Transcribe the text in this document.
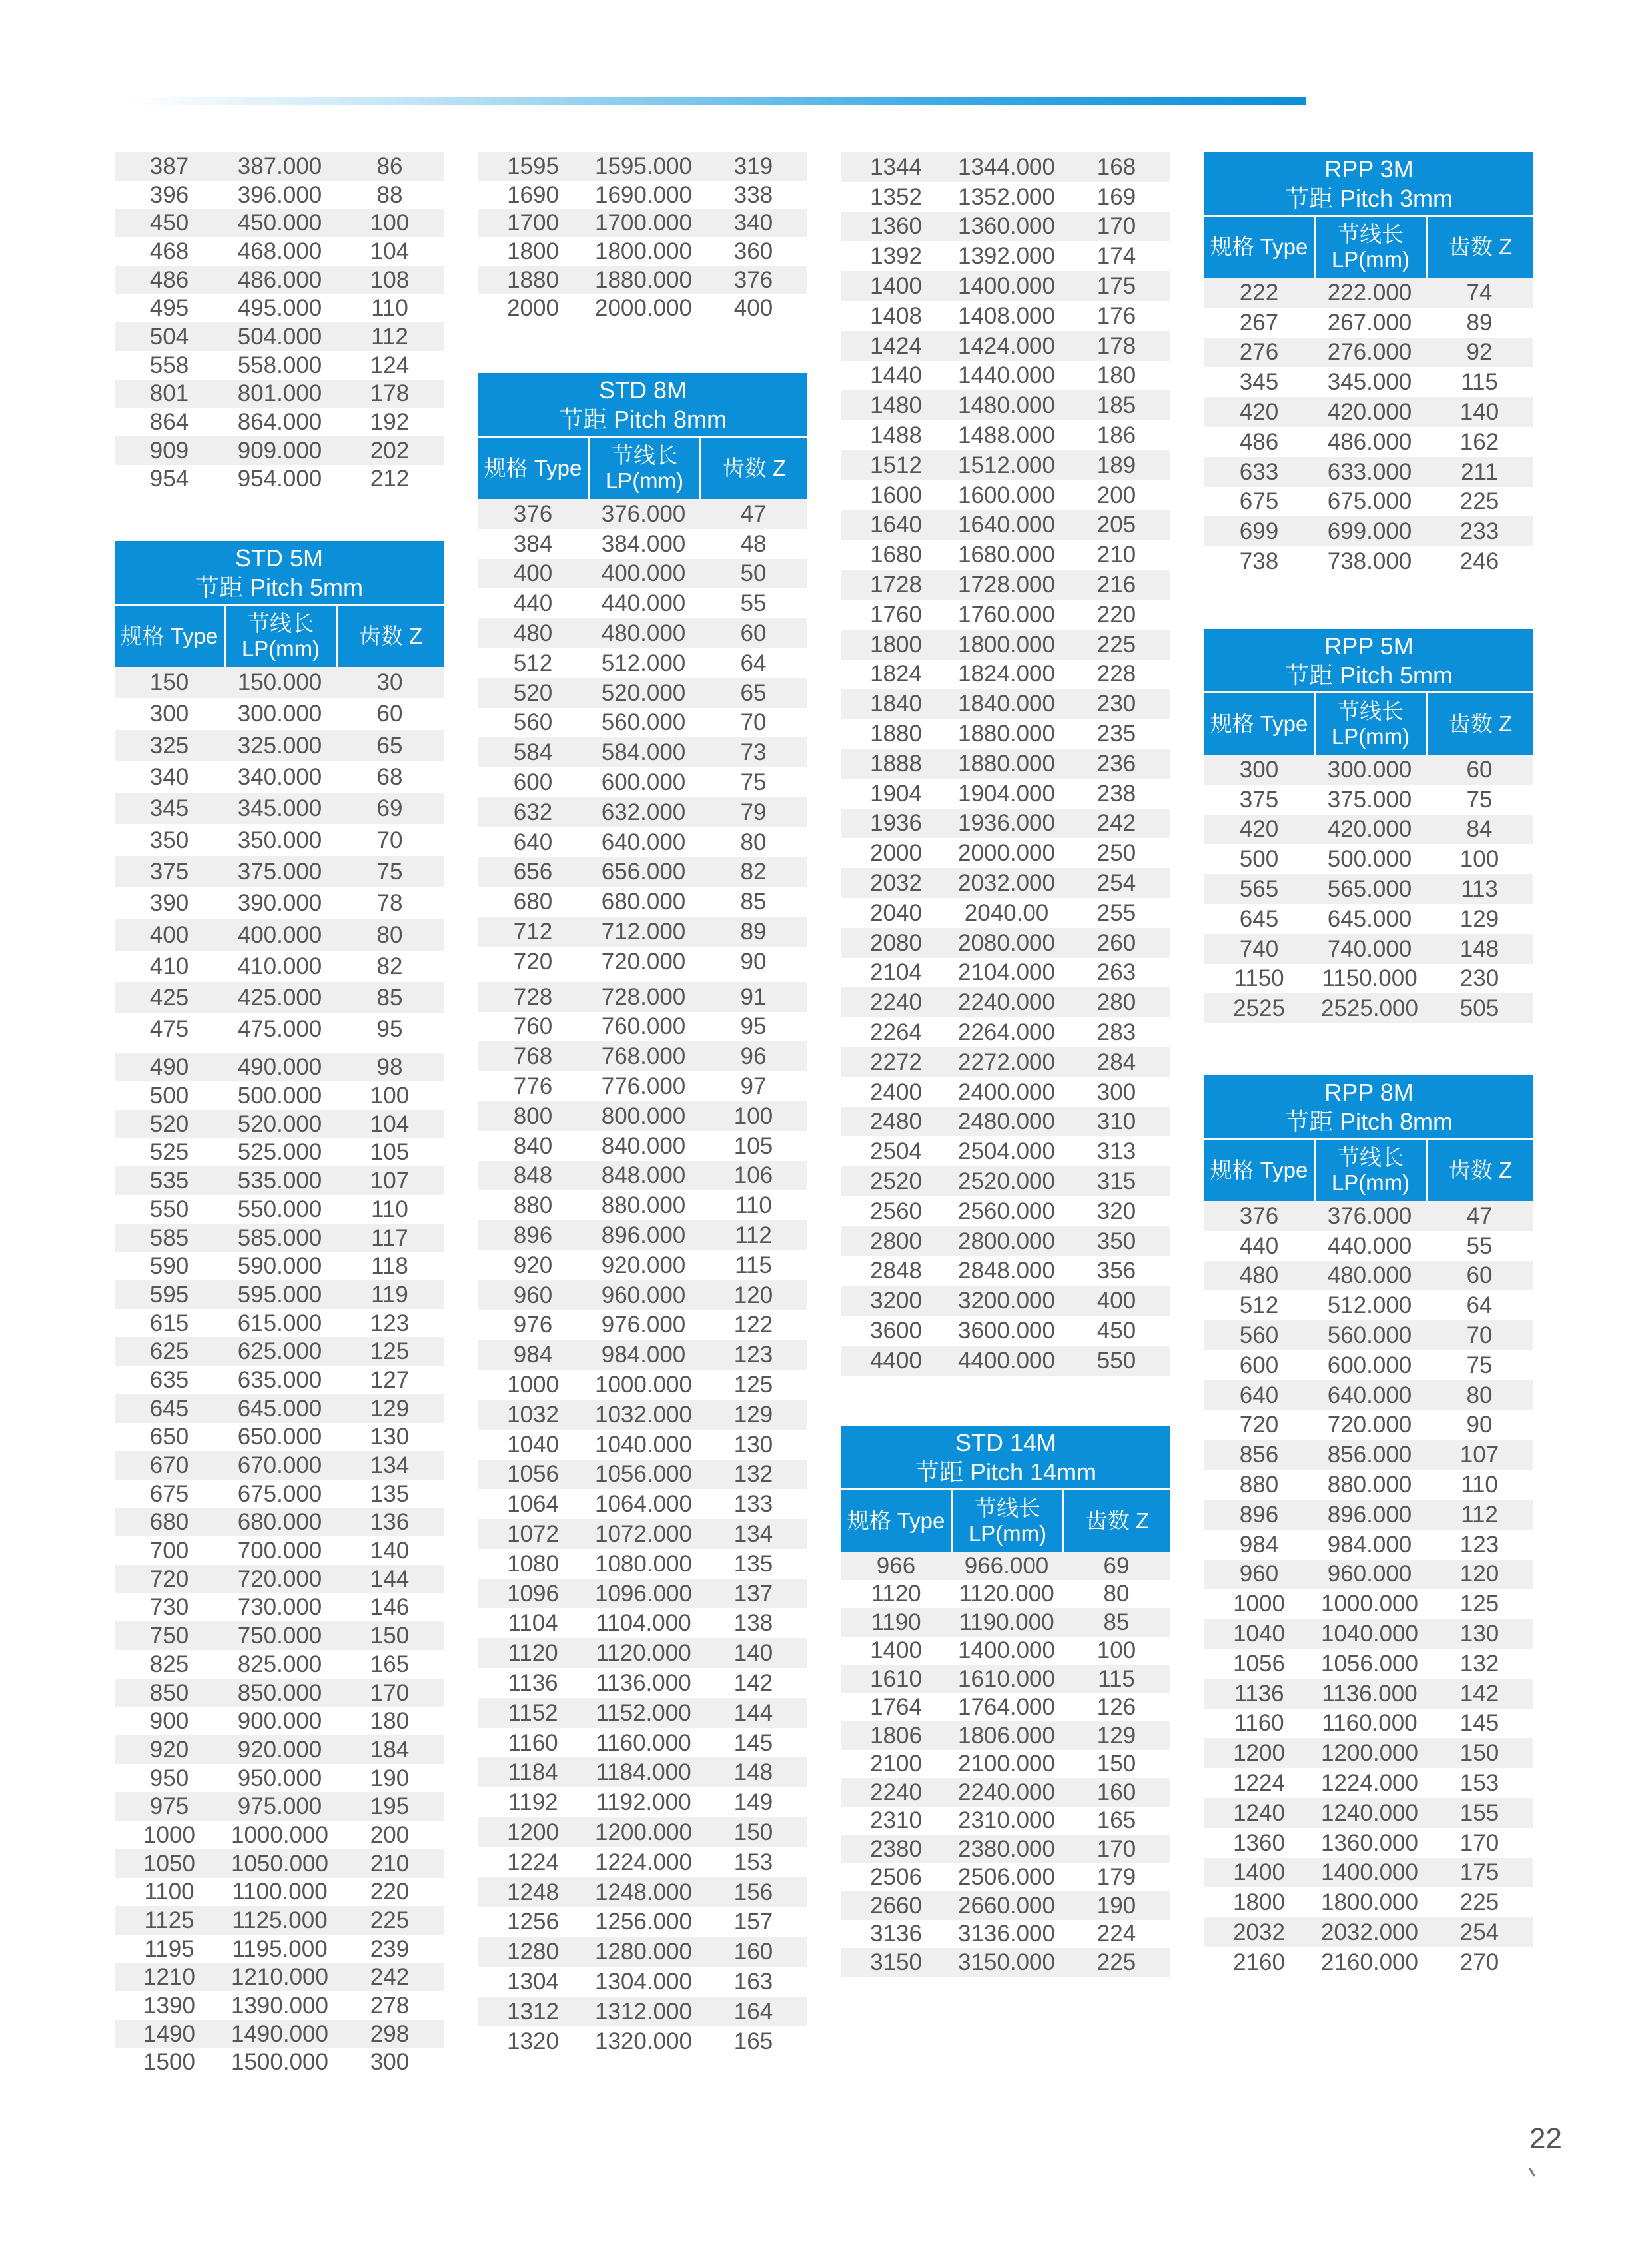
387	387.000	86
396	396.000	88
450	450.000	100
468	468.000	104
486	486.000	108
495	495.000	110
504	504.000	112
558	558.000	124
801	801.000	178
864	864.000	192
909	909.000	202
954	954.000	212
STD 5M
节距 Pitch 5mm
规格 Type
节线长
LP(mm)
齿数 Z
150	150.000	30
300	300.000	60
325	325.000	65
340	340.000	68
345	345.000	69
350	350.000	70
375	375.000	75
390	390.000	78
400	400.000	80
410	410.000	82
425	425.000	85
475	475.000	95
490	490.000	98
500	500.000	100
520	520.000	104
525	525.000	105
535	535.000	107
550	550.000	110
585	585.000	117
590	590.000	118
595	595.000	119
615	615.000	123
625	625.000	125
635	635.000	127
645	645.000	129
650	650.000	130
670	670.000	134
675	675.000	135
680	680.000	136
700	700.000	140
720	720.000	144
730	730.000	146
750	750.000	150
825	825.000	165
850	850.000	170
900	900.000	180
920	920.000	184
950	950.000	190
975	975.000	195
1000	1000.000	200
1050	1050.000	210
1100	1100.000	220
1125	1125.000	225
1195	1195.000	239
1210	1210.000	242
1390	1390.000	278
1490	1490.000	298
1500	1500.000	300
1595	1595.000	319
1690	1690.000	338
1700	1700.000	340
1800	1800.000	360
1880	1880.000	376
2000	2000.000	400
STD 8M
节距 Pitch 8mm
规格 Type
节线长
LP(mm)
齿数 Z
376	376.000	47
384	384.000	48
400	400.000	50
440	440.000	55
480	480.000	60
512	512.000	64
520	520.000	65
560	560.000	70
584	584.000	73
600	600.000	75
632	632.000	79
640	640.000	80
656	656.000	82
680	680.000	85
712	712.000	89
720	720.000	90
728	728.000	91
760	760.000	95
768	768.000	96
776	776.000	97
800	800.000	100
840	840.000	105
848	848.000	106
880	880.000	110
896	896.000	112
920	920.000	115
960	960.000	120
976	976.000	122
984	984.000	123
1000	1000.000	125
1032	1032.000	129
1040	1040.000	130
1056	1056.000	132
1064	1064.000	133
1072	1072.000	134
1080	1080.000	135
1096	1096.000	137
1104	1104.000	138
1120	1120.000	140
1136	1136.000	142
1152	1152.000	144
1160	1160.000	145
1184	1184.000	148
1192	1192.000	149
1200	1200.000	150
1224	1224.000	153
1248	1248.000	156
1256	1256.000	157
1280	1280.000	160
1304	1304.000	163
1312	1312.000	164
1320	1320.000	165
1344	1344.000	168
1352	1352.000	169
1360	1360.000	170
1392	1392.000	174
1400	1400.000	175
1408	1408.000	176
1424	1424.000	178
1440	1440.000	180
1480	1480.000	185
1488	1488.000	186
1512	1512.000	189
1600	1600.000	200
1640	1640.000	205
1680	1680.000	210
1728	1728.000	216
1760	1760.000	220
1800	1800.000	225
1824	1824.000	228
1840	1840.000	230
1880	1880.000	235
1888	1880.000	236
1904	1904.000	238
1936	1936.000	242
2000	2000.000	250
2032	2032.000	254
2040	2040.00	255
2080	2080.000	260
2104	2104.000	263
2240	2240.000	280
2264	2264.000	283
2272	2272.000	284
2400	2400.000	300
2480	2480.000	310
2504	2504.000	313
2520	2520.000	315
2560	2560.000	320
2800	2800.000	350
2848	2848.000	356
3200	3200.000	400
3600	3600.000	450
4400	4400.000	550
STD 14M
节距 Pitch 14mm
规格 Type
节线长
LP(mm)
齿数 Z
966	966.000	69
1120	1120.000	80
1190	1190.000	85
1400	1400.000	100
1610	1610.000	115
1764	1764.000	126
1806	1806.000	129
2100	2100.000	150
2240	2240.000	160
2310	2310.000	165
2380	2380.000	170
2506	2506.000	179
2660	2660.000	190
3136	3136.000	224
3150	3150.000	225
RPP 3M
节距 Pitch 3mm
规格 Type
节线长
LP(mm)
齿数 Z
222	222.000	74
267	267.000	89
276	276.000	92
345	345.000	115
420	420.000	140
486	486.000	162
633	633.000	211
675	675.000	225
699	699.000	233
738	738.000	246
RPP 5M
节距 Pitch 5mm
规格 Type
节线长
LP(mm)
齿数 Z
300	300.000	60
375	375.000	75
420	420.000	84
500	500.000	100
565	565.000	113
645	645.000	129
740	740.000	148
1150	1150.000	230
2525	2525.000	505
RPP 8M
节距 Pitch 8mm
规格 Type
节线长
LP(mm)
齿数 Z
376	376.000	47
440	440.000	55
480	480.000	60
512	512.000	64
560	560.000	70
600	600.000	75
640	640.000	80
720	720.000	90
856	856.000	107
880	880.000	110
896	896.000	112
984	984.000	123
960	960.000	120
1000	1000.000	125
1040	1040.000	130
1056	1056.000	132
1136	1136.000	142
1160	1160.000	145
1200	1200.000	150
1224	1224.000	153
1240	1240.000	155
1360	1360.000	170
1400	1400.000	175
1800	1800.000	225
2032	2032.000	254
2160	2160.000	270
22
